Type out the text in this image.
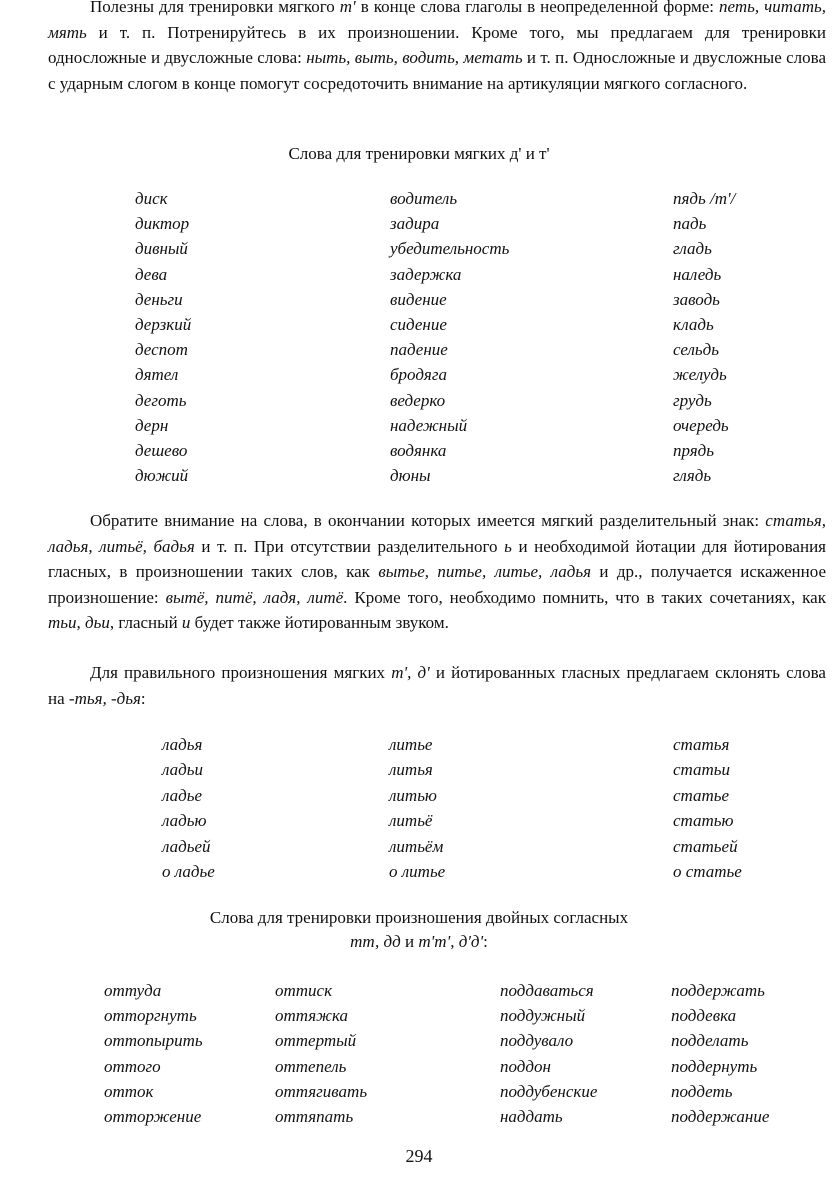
Полезны для тренировки мягкого т' в конце слова глаголы в неопределенной форме: петь, читать, мять и т. п. Потренируйтесь в их произношении. Кроме того, мы предлагаем для тренировки односложные и двусложные слова: ныть, выть, водить, метать и т. п. Односложные и двусложные слова с ударным слогом в конце помогут сосредоточить внимание на артикуляции мягкого согласного.

Слова для тренировки мягких д' и т'

диск
диктор
дивный
дева
деньги
дерзкий
деспот
дятел
деготь
дерн
дешево
дюжий
водитель
задира
убедительность
задержка
видение
сидение
падение
бродяга
ведерко
надежный
водянка
дюны
пядь /т'/
падь
гладь
наледь
заводь
кладь
сельдь
желудь
грудь
очередь
прядь
глядь

Обратите внимание на слова, в окончании которых имеется мягкий разделительный знак: статья, ладья, литьё, бадья и т. п. При отсутствии разделительного ь и необходимой йотации для йотирования гласных, в произношении таких слов, как вытье, питье, литье, ладья и др., получается искаженное произношение: вытё, питё, ладя, литё. Кроме того, необходимо помнить, что в таких сочетаниях, как тьи, дьи, гласный и будет также йотированным звуком.

Для правильного произношения мягких т', д' и йотированных гласных предлагаем склонять слова на -тья, -дья:

ладья
ладьи
ладье
ладью
ладьей
о ладье
литье
литья
литью
литьё
литьём
о литье
статья
статьи
статье
статью
статьей
о статье

Слова для тренировки произношения двойных согласных
тт, дд и т'т', д'д':

оттуда
отторгнуть
оттопырить
оттого
отток
отторжение
оттиск
оттяжка
оттертый
оттепель
оттягивать
оттяпать
поддаваться
поддужный
поддувало
поддон
поддубенские
наддать
поддержать
поддевка
подделать
поддернуть
поддеть
поддержание
294
